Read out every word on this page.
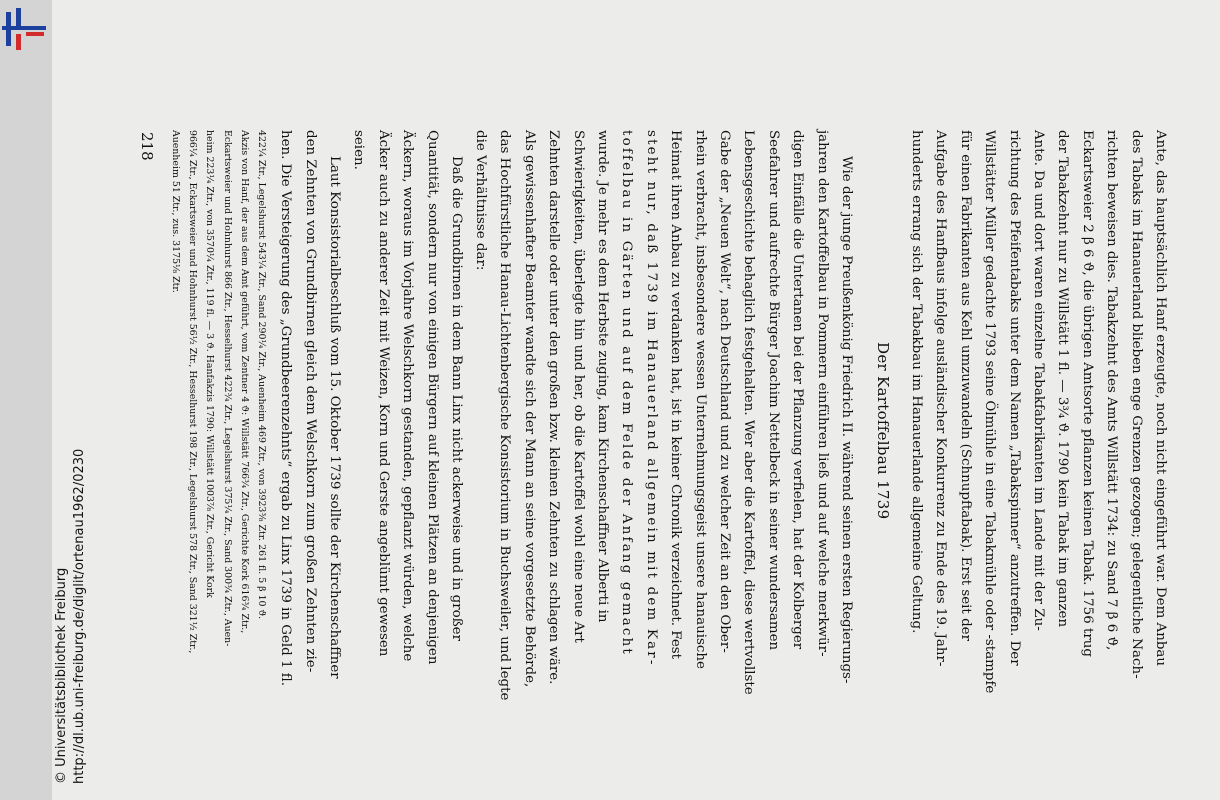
http://dl.ub.uni-freiburg.de/diglit/ortenau1962/0230
© Universitätsbibliothek Freiburg
Ante, das hauptsächlich Hanf erzeugte, noch nicht eingeführt war. Dem Anbau
des Tabaks im Hanauerland blieben enge Grenzen gezogen; gelegentliche Nach-
richten beweisen dies. Tabakzehnt des Amts Willstätt 1734: zu Sand 7 β 6 ϑ,
Eckartsweier 2 β 6 ϑ, die übrigen Amtsorte pflanzen keinen Tabak. 1756 trug
der Tabakzehnt nur zu Willstätt 1 fl. — 3¾ ϑ. 1790 kein Tabak im ganzen
Ante. Da und dort waren einzelne Tabakfabrikanten im Lande mit der Zu-
richtung des Pfeifentabaks unter dem Namen „Tabakspinner“ anzutreffen. Der
Willstätter Müller gedachte 1793 seine Ölmühle in eine Tabakmühle oder -stampfe
für einen Fabrikanten aus Kehl umzuwandeln (Schnupftabak). Erst seit der
Aufgabe des Hanfbaus infolge ausländischer Konkurrenz zu Ende des 19. Jahr-
hunderts errang sich der Tabakbau im Hanauerlande allgemeine Geltung.
Der Kartoffelbau 1739
Wie der junge Preußenkönig Friedrich II. während seinen ersten Regierungs-
jahren den Kartoffelbau in Pommern einführen ließ und auf welche merkwür-
digen Einfälle die Untertanen bei der Pflanzung verfielen, hat der Kolberger
Seefahrer und aufrechte Bürger Joachim Nettelbeck in seiner wundersamen
Lebensgeschichte behaglich festgehalten. Wer aber die Kartoffel, diese wertvollste
Gabe der „Neuen Welt“, nach Deutschland und zu welcher Zeit an den Ober-
rhein verbracht, insbesondere wessen Unternehmungsgeist unsere hanauische
Heimat ihren Anbau zu verdanken hat, ist in keiner Chronik verzeichnet. Fest
steht nur, daß 1739 im Hanauerland allgemein mit dem Kar-
toffelbau in Gärten und auf dem Felde der Anfang gemacht
wurde. Je mehr es dem Herbste zuging, kam Kirchenschaffner Alberti in
Schwierigkeiten, überlegte hin und her, ob die Kartoffel wohl eine neue Art
Zehnten darstelle oder unter den großen bzw. kleinen Zehnten zu schlagen wäre.
Als gewissenhafter Beamter wandte sich der Mann an seine vorgesetzte Behörde,
das Hochfürstliche Hanau-Lichtenbergische Konsistorium in Buchsweiler, und legte
die Verhältnisse dar:
Daß die Grundbirnen in dem Bann Linx nicht ackerweise und in großer
Quantität, sondern nur von einigen Bürgern auf kleinen Plätzen an denjenigen
Äckern, woraus im Vorjahre Welschkorn gestanden, gepflanzt würden, welche
Äcker auch zu anderer Zeit mit Weizen, Korn und Gerste angeblümt gewesen
seien.
Laut Konsistorialbeschluß vom 15. Oktober 1739 sollte der Kirchenschaffner
den Zehnten von Grundbirnen gleich dem Welschkorn zum großen Zehnten zie-
hen. Die Versteigerung des „Grundbeerenzehnts“ ergab zu Linx 1739 in Geld 1 fl.
422¼ Ztr., Legelshurst 543¼ Ztr., Sand 290¼ Ztr., Auenheim 469 Ztr., von 3923⅜ Ztr. 261 fl. 5 β 10 ϑ.
Akzis von Hanf, der aus dem Amt geführt, vom Zentner 4 ϑ: Willstätt 766¾ Ztr., Gerichte Kork 616¾ Ztr.,
Eckartsweier und Hohnhurst 866 Ztr., Hesselhurst 422¾ Ztr., Legelshurst 375¼ Ztr., Sand 300¾ Ztr., Auen-
heim 223¼ Ztr., von 3570¼ Ztr., 119 fl. — 3 ϑ. Hanfakzis 1790: Willstätt 1003⅞ Ztr., Gericht Kork
966¼ Ztr., Eckartsweier und Hohnhurst 56½ Ztr., Hesselhurst 198 Ztr., Legelshurst 578 Ztr., Sand 321½ Ztr.,
Auenheim 51 Ztr., zus. 3175⅛ Ztr.
218
